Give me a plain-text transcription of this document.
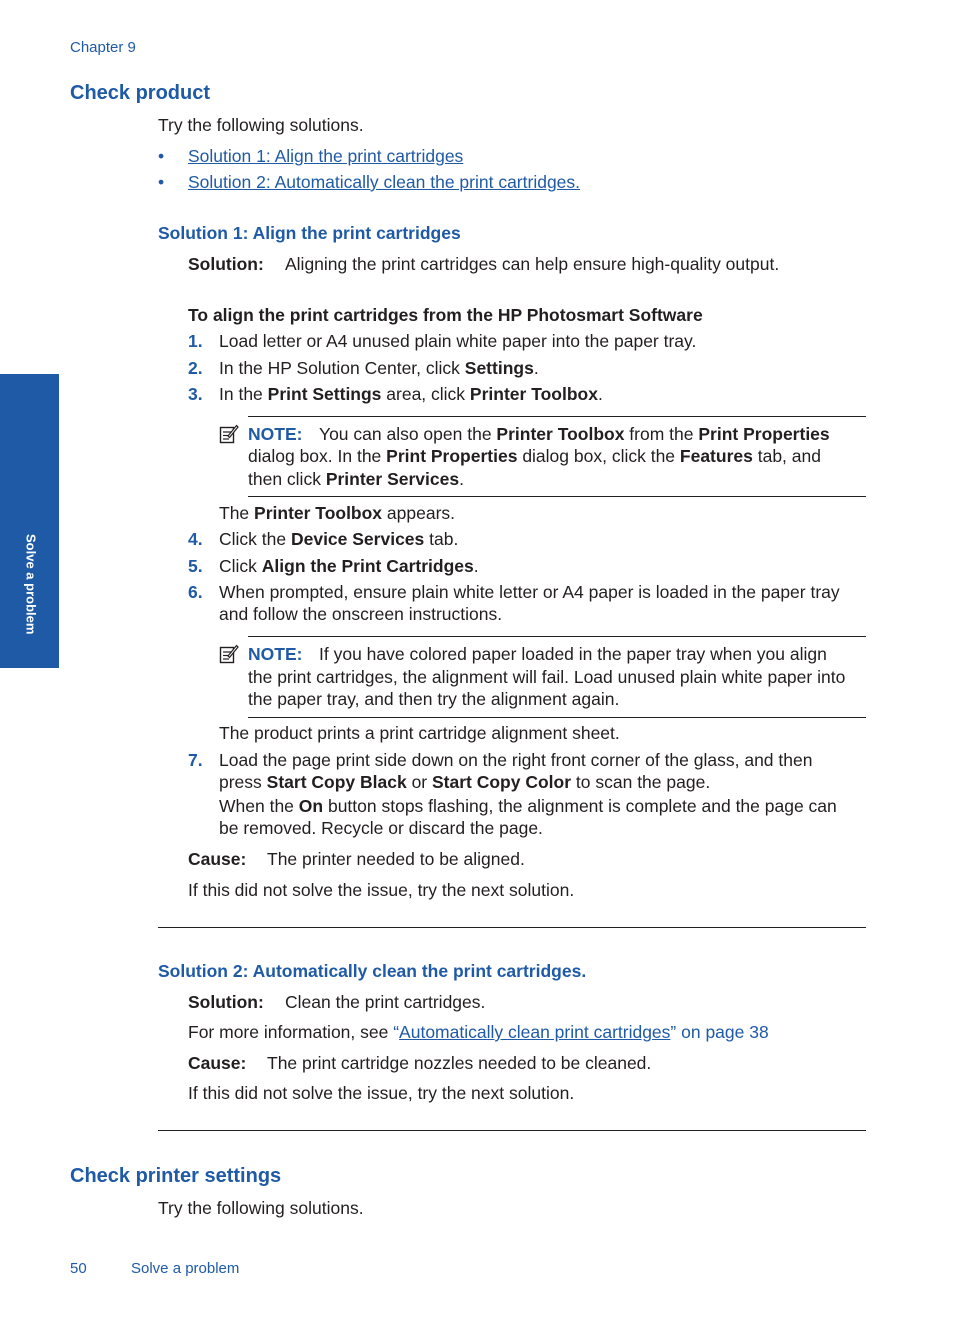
Chapter 9
Solve a problem
Check product
Try the following solutions.
• Solution 1: Align the print cartridges
• Solution 2: Automatically clean the print cartridges.
Solution 1: Align the print cartridges
Solution: Aligning the print cartridges can help ensure high-quality output.
To align the print cartridges from the HP Photosmart Software
1. Load letter or A4 unused plain white paper into the paper tray.
2. In the HP Solution Center, click Settings.
3. In the Print Settings area, click Printer Toolbox.
NOTE: You can also open the Printer Toolbox from the Print Properties
dialog box. In the Print Properties dialog box, click the Features tab, and
then click Printer Services.
The Printer Toolbox appears.
4. Click the Device Services tab.
5. Click Align the Print Cartridges.
6. When prompted, ensure plain white letter or A4 paper is loaded in the paper tray
and follow the onscreen instructions.
NOTE: If you have colored paper loaded in the paper tray when you align
the print cartridges, the alignment will fail. Load unused plain white paper into
the paper tray, and then try the alignment again.
The product prints a print cartridge alignment sheet.
7. Load the page print side down on the right front corner of the glass, and then
press Start Copy Black or Start Copy Color to scan the page.
When the On button stops flashing, the alignment is complete and the page can
be removed. Recycle or discard the page.
Cause: The printer needed to be aligned.
If this did not solve the issue, try the next solution.
Solution 2: Automatically clean the print cartridges.
Solution: Clean the print cartridges.
For more information, see “Automatically clean print cartridges” on page 38
Cause: The print cartridge nozzles needed to be cleaned.
If this did not solve the issue, try the next solution.
Check printer settings
Try the following solutions.
50	Solve a problem
